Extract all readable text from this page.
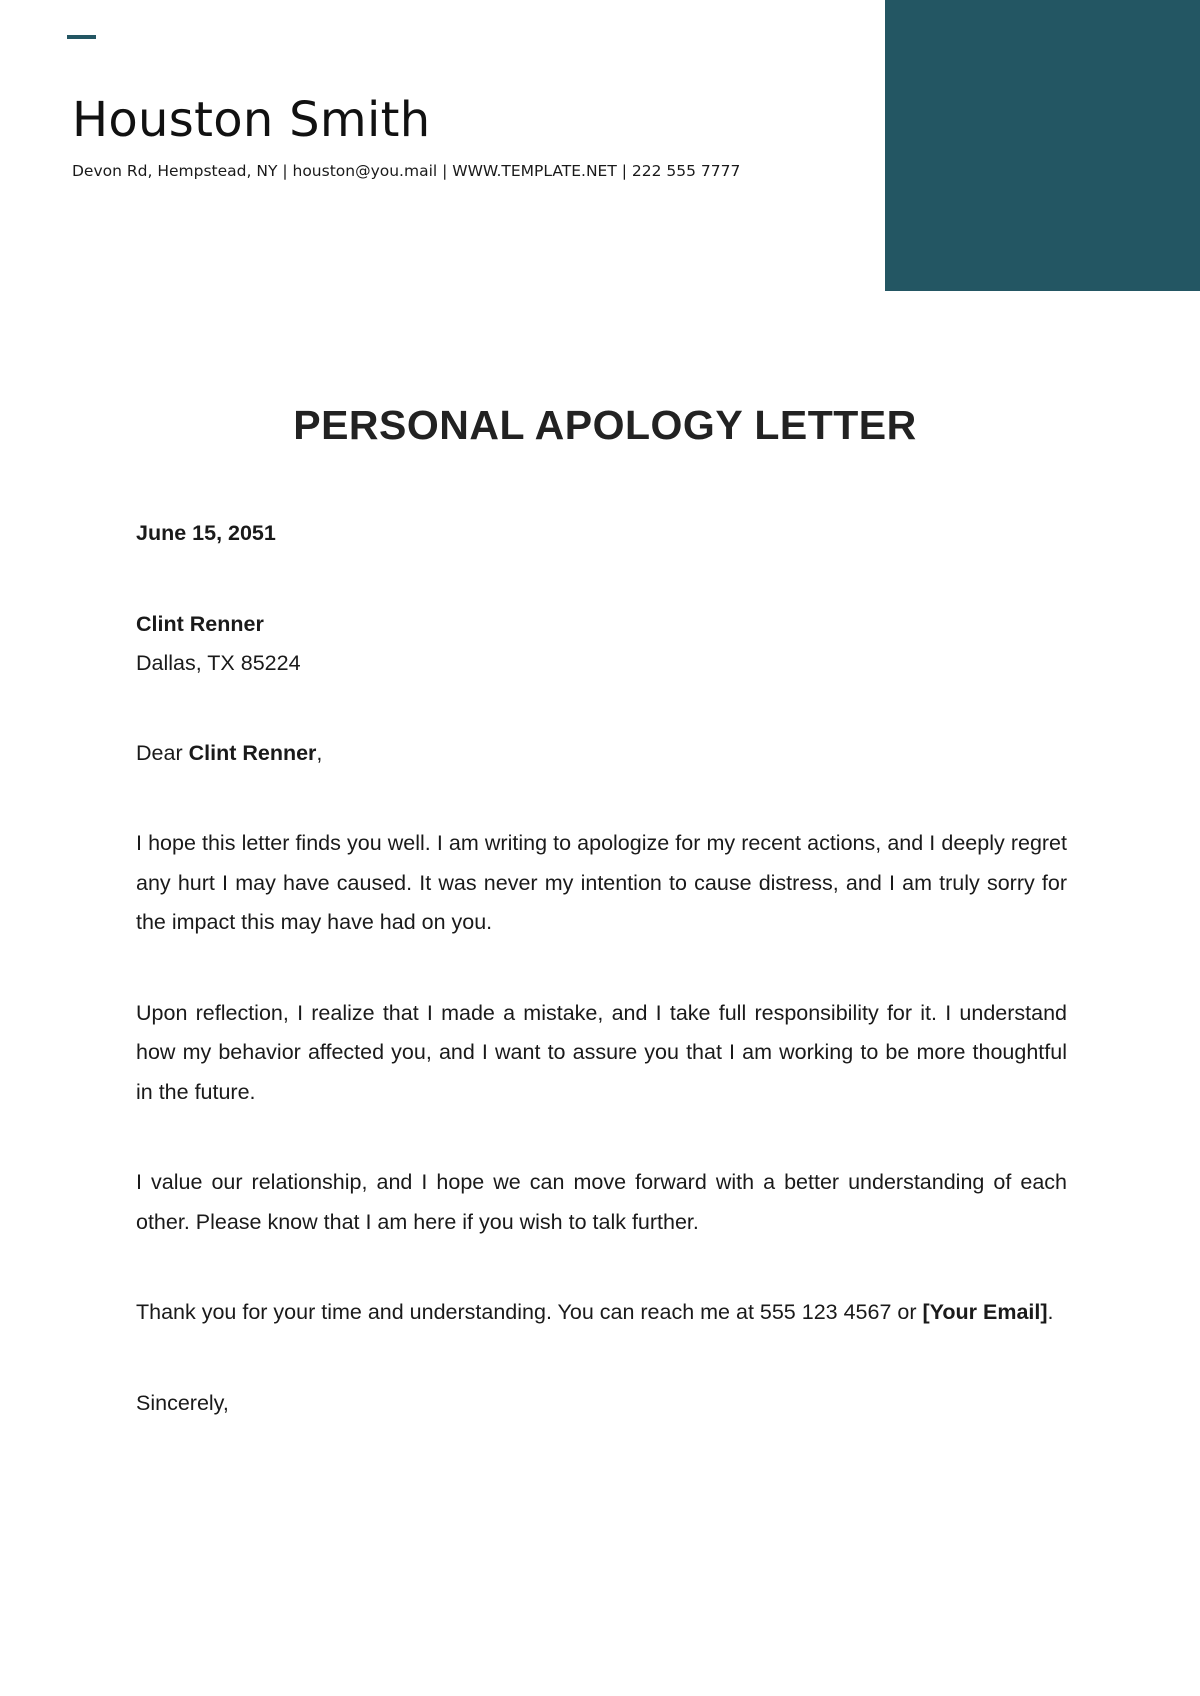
Houston Smith
Devon Rd, Hempstead, NY | houston@you.mail | WWW.TEMPLATE.NET | 222 555 7777
PERSONAL APOLOGY LETTER

June 15, 2051

Clint Renner

Dallas, TX 85224

Dear Clint Renner,

I hope this letter finds you well. I am writing to apologize for my recent actions, and I deeply regret any hurt I may have caused. It was never my intention to cause distress, and I am truly sorry for the impact this may have had on you.

Upon reflection, I realize that I made a mistake, and I take full responsibility for it. I understand how my behavior affected you, and I want to assure you that I am working to be more thoughtful in the future.

I value our relationship, and I hope we can move forward with a better understanding of each other. Please know that I am here if you wish to talk further.

Thank you for your time and understanding. You can reach me at 555 123 4567 or [Your Email].

Sincerely,
